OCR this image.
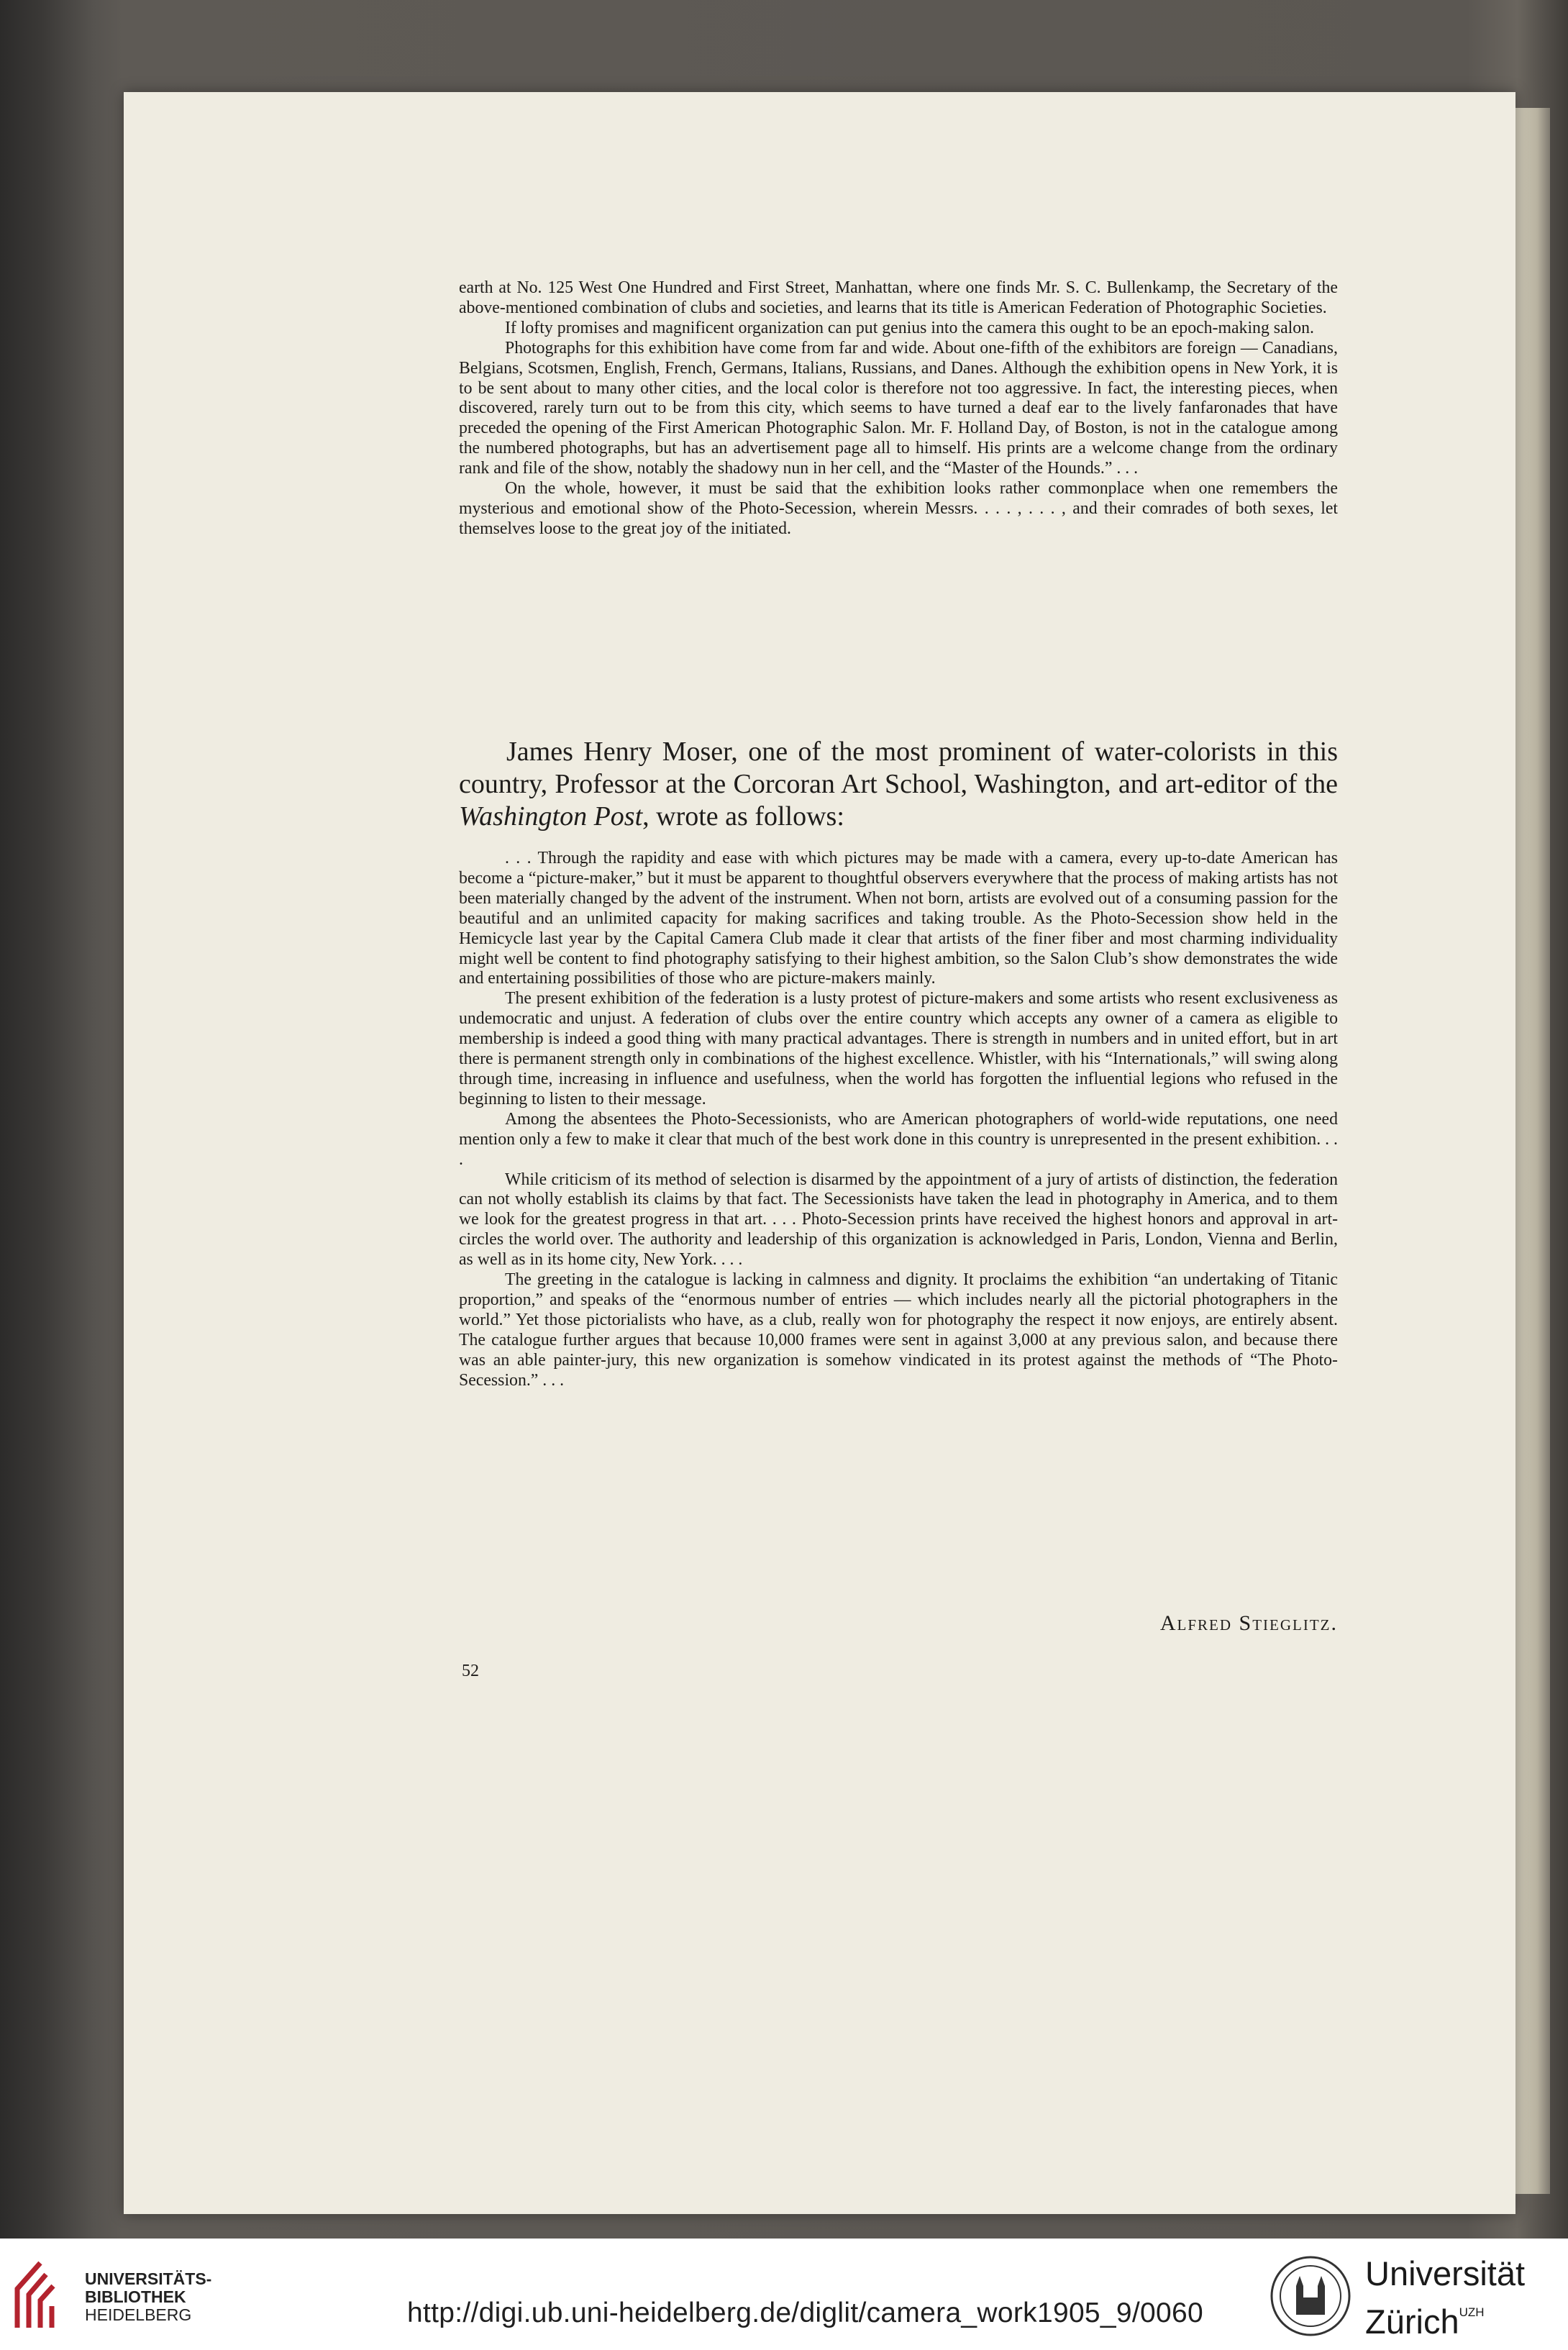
earth at No. 125 West One Hundred and First Street, Manhattan, where one finds Mr. S. C. Bullenkamp, the Secretary of the above-mentioned combination of clubs and societies, and learns that its title is American Federation of Photographic Societies.

If lofty promises and magnificent organization can put genius into the camera this ought to be an epoch-making salon.

Photographs for this exhibition have come from far and wide. About one-fifth of the exhibitors are foreign — Canadians, Belgians, Scotsmen, English, French, Germans, Italians, Russians, and Danes. Although the exhibition opens in New York, it is to be sent about to many other cities, and the local color is therefore not too aggressive. In fact, the interesting pieces, when discovered, rarely turn out to be from this city, which seems to have turned a deaf ear to the lively fanfaronades that have preceded the opening of the First American Photographic Salon. Mr. F. Holland Day, of Boston, is not in the catalogue among the numbered photographs, but has an advertisement page all to himself. His prints are a welcome change from the ordinary rank and file of the show, notably the shadowy nun in her cell, and the “Master of the Hounds.” . . .

On the whole, however, it must be said that the exhibition looks rather commonplace when one remembers the mysterious and emotional show of the Photo-Secession, wherein Messrs. . . . , . . . , and their comrades of both sexes, let themselves loose to the great joy of the initiated.

James Henry Moser, one of the most prominent of water-colorists in this country, Professor at the Corcoran Art School, Washington, and art-editor of the Washington Post, wrote as follows:

. . . Through the rapidity and ease with which pictures may be made with a camera, every up-to-date American has become a “picture-maker,” but it must be apparent to thoughtful observers everywhere that the process of making artists has not been materially changed by the advent of the instrument. When not born, artists are evolved out of a consuming passion for the beautiful and an unlimited capacity for making sacrifices and taking trouble. As the Photo-Secession show held in the Hemicycle last year by the Capital Camera Club made it clear that artists of the finer fiber and most charming individuality might well be content to find photography satisfying to their highest ambition, so the Salon Club’s show demonstrates the wide and entertaining possibilities of those who are picture-makers mainly.

The present exhibition of the federation is a lusty protest of picture-makers and some artists who resent exclusiveness as undemocratic and unjust. A federation of clubs over the entire country which accepts any owner of a camera as eligible to membership is indeed a good thing with many practical advantages. There is strength in numbers and in united effort, but in art there is permanent strength only in combinations of the highest excellence. Whistler, with his “Internationals,” will swing along through time, increasing in influence and usefulness, when the world has forgotten the influential legions who refused in the beginning to listen to their message.

Among the absentees the Photo-Secessionists, who are American photographers of world-wide reputations, one need mention only a few to make it clear that much of the best work done in this country is unrepresented in the present exhibition. . . .

While criticism of its method of selection is disarmed by the appointment of a jury of artists of distinction, the federation can not wholly establish its claims by that fact. The Secessionists have taken the lead in photography in America, and to them we look for the greatest progress in that art. . . . Photo-Secession prints have received the highest honors and approval in art-circles the world over. The authority and leadership of this organization is acknowledged in Paris, London, Vienna and Berlin, as well as in its home city, New York. . . .

The greeting in the catalogue is lacking in calmness and dignity. It proclaims the exhibition “an undertaking of Titanic proportion,” and speaks of the “enormous number of entries — which includes nearly all the pictorial photographers in the world.” Yet those pictorialists who have, as a club, really won for photography the respect it now enjoys, are entirely absent. The catalogue further argues that because 10,000 frames were sent in against 3,000 at any previous salon, and because there was an able painter-jury, this new organization is somehow vindicated in its protest against the methods of “The Photo-Secession.” . . .

Alfred Stieglitz.
52
UNIVERSITÄTS-
BIBLIOTHEK
HEIDELBERG	http://digi.ub.uni-heidelberg.de/diglit/camera_work1905_9/0060
Universität
Zürich$^{UZH}$
